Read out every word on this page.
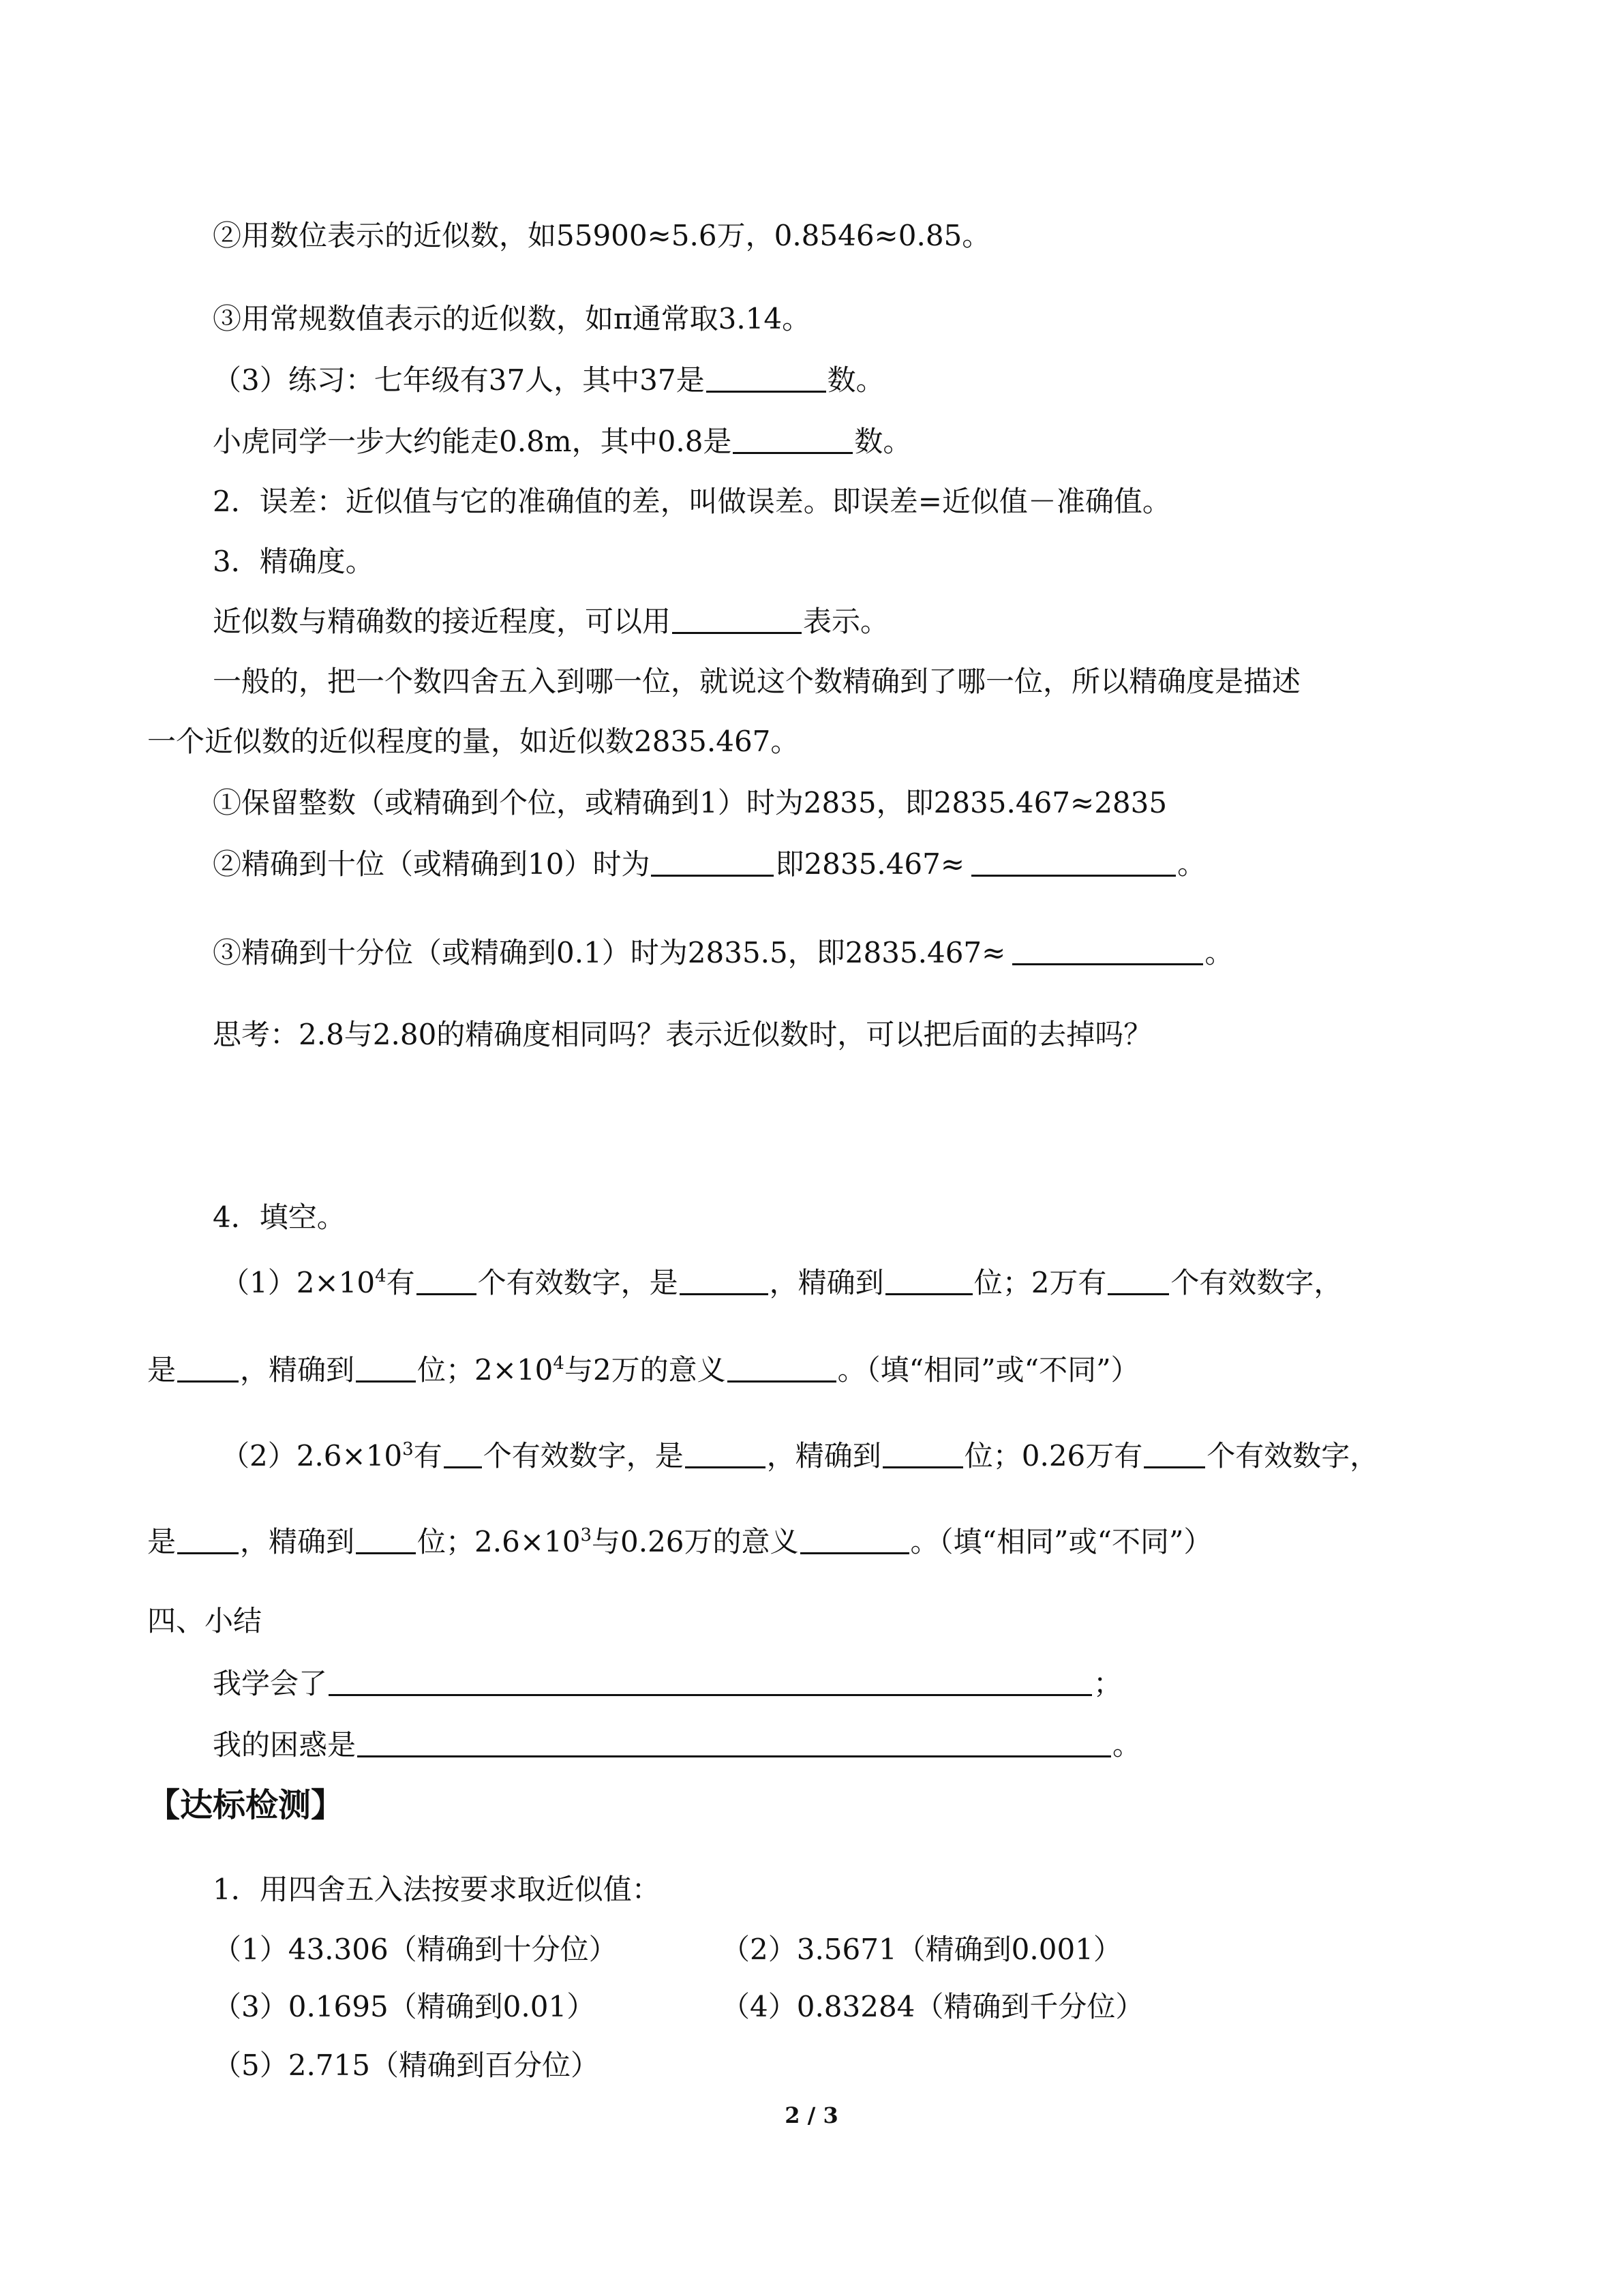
②用数位表示的近似数，如55900≈5.6万，0.8546≈0.85。
③用常规数值表示的近似数，如π通常取3.14。
（3）练习：七年级有37人，其中37是	数。
小虎同学一步大约能走0.8m，其中0.8是	数。
2．误差：近似值与它的准确值的差，叫做误差。即误差=近似值－准确值。
3．精确度。
近似数与精确数的接近程度，可以用	表示。
一般的，把一个数四舍五入到哪一位，就说这个数精确到了哪一位，所以精确度是描述
一个近似数的近似程度的量，如近似数2835.467。
①保留整数（或精确到个位，或精确到1）时为2835，即2835.467≈2835
②精确到十位（或精确到10）时为	即2835.467≈	。
③精确到十分位（或精确到0.1）时为2835.5，即2835.467≈	。
思考：2.8与2.80的精确度相同吗？表示近似数时，可以把后面的去掉吗？
4．填空。
$(1)2\times 10^4$有 个有效数字，是	，精确到	位；2万有 个有效数字，
是 ，精确到 位；$2\times 10^4$与2万的意义	。（填“相同”或“不同”）
$(2)2.6\times 10^3$有 个有效数字，是	，精确到	位；0.26万有 个有效数字，
是 ，精确到 位；$2.6\times 10^3$与0.26万的意义	。（填“相同”或“不同”）
四、小结
我学会了	；
我的困惑是	。
【达标检测】
1．用四舍五入法按要求取近似值：
（1）43.306（精确到十分位）	（2）3.5671（精确到0.001）
（3）0.1695（精确到0.01）	（4）0.83284（精确到千分位）
（5）2.715（精确到百分位）
2 / 3
